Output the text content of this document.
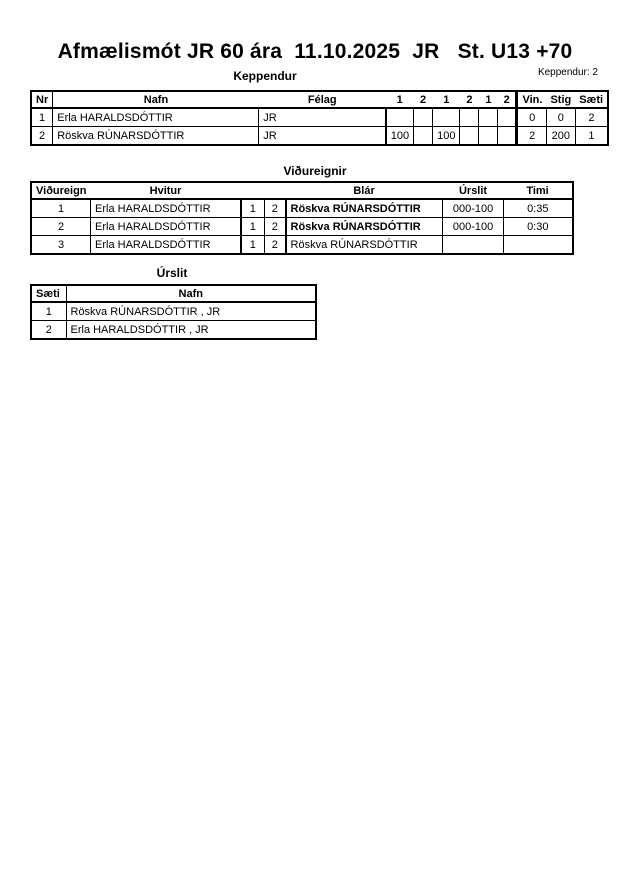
Afmælismót JR 60 ára  11.10.2025  JR   St. U13 +70
Keppendur: 2
Keppendur
Nr	Nafn	Félag	1	2	1	2	1	2	Vin.	Stig	Sæti
1	Erla HARALDSDÓTTIR	JR							0	0	2
2	Röskva RÚNARSDÓTTIR	JR	100		100				2	200	1
Viðureignir
Viðureign	Hvitur			Blár	Úrslit	Timi
1	Erla HARALDSDÓTTIR	1	2	Röskva RÚNARSDÓTTIR	000-100	0:35
2	Erla HARALDSDÓTTIR	1	2	Röskva RÚNARSDÓTTIR	000-100	0:30
3	Erla HARALDSDÓTTIR	1	2	Röskva RÚNARSDÓTTIR		
Úrslit
Sæti	Nafn
1	Röskva RÚNARSDÓTTIR , JR
2	Erla HARALDSDÓTTIR , JR
